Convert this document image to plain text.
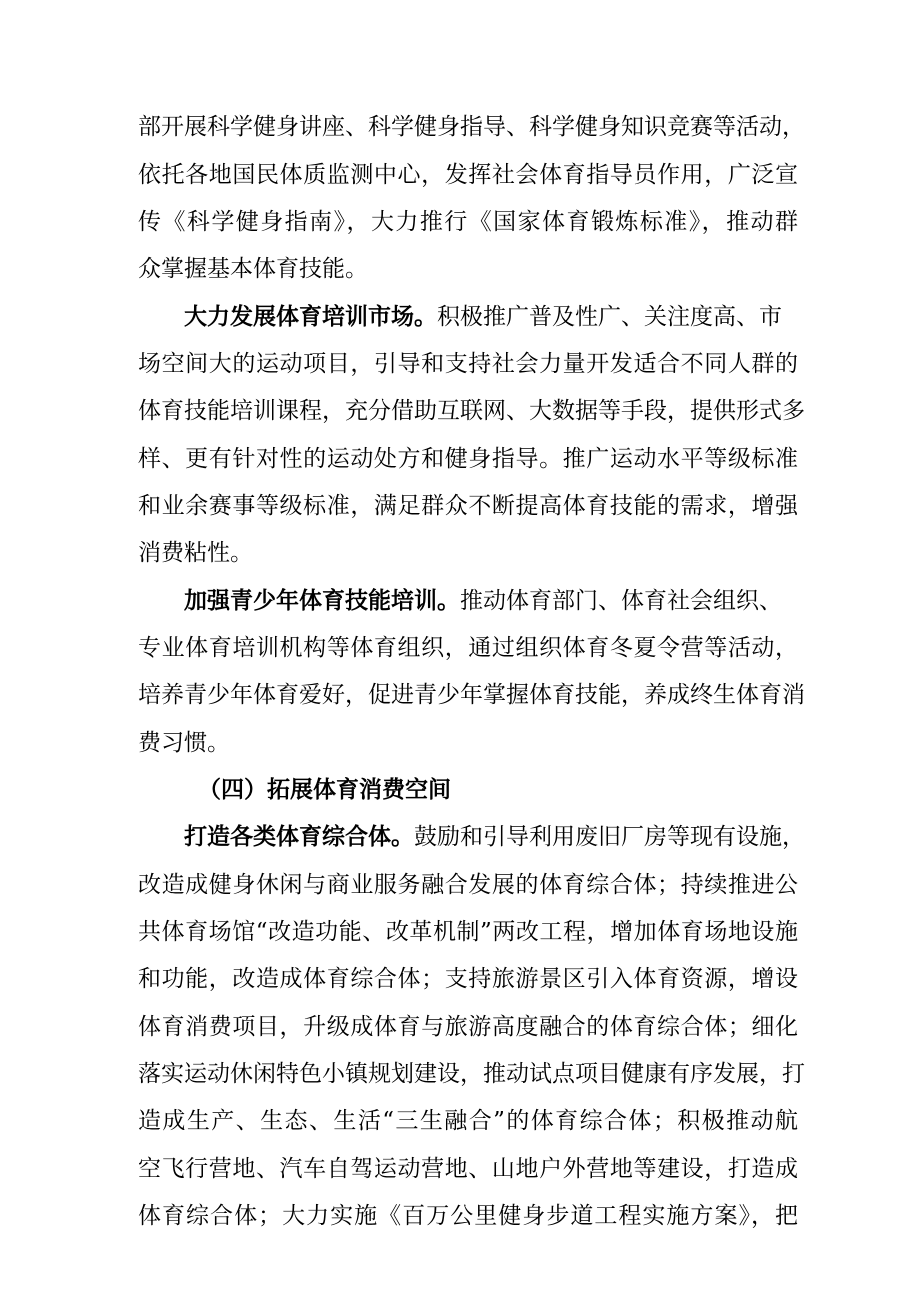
部开展科学健身讲座、科学健身指导、科学健身知识竞赛等活动，
依托各地国民体质监测中心，发挥社会体育指导员作用，广泛宣
传《科学健身指南》，大力推行《国家体育锻炼标准》，推动群
众掌握基本体育技能。
大力发展体育培训市场。积极推广普及性广、关注度高、市
场空间大的运动项目，引导和支持社会力量开发适合不同人群的
体育技能培训课程，充分借助互联网、大数据等手段，提供形式多
样、更有针对性的运动处方和健身指导。推广运动水平等级标准
和业余赛事等级标准，满足群众不断提高体育技能的需求，增强
消费粘性。
加强青少年体育技能培训。推动体育部门、体育社会组织、
专业体育培训机构等体育组织，通过组织体育冬夏令营等活动，
培养青少年体育爱好，促进青少年掌握体育技能，养成终生体育消
费习惯。
（四）拓展体育消费空间
打造各类体育综合体。鼓励和引导利用废旧厂房等现有设施，
改造成健身休闲与商业服务融合发展的体育综合体；持续推进公
共体育场馆“改造功能、改革机制”两改工程，增加体育场地设施
和功能，改造成体育综合体；支持旅游景区引入体育资源，增设
体育消费项目，升级成体育与旅游高度融合的体育综合体；细化
落实运动休闲特色小镇规划建设，推动试点项目健康有序发展，打
造成生产、生态、生活“三生融合”的体育综合体；积极推动航
空飞行营地、汽车自驾运动营地、山地户外营地等建设，打造成
体育综合体；大力实施《百万公里健身步道工程实施方案》，把
